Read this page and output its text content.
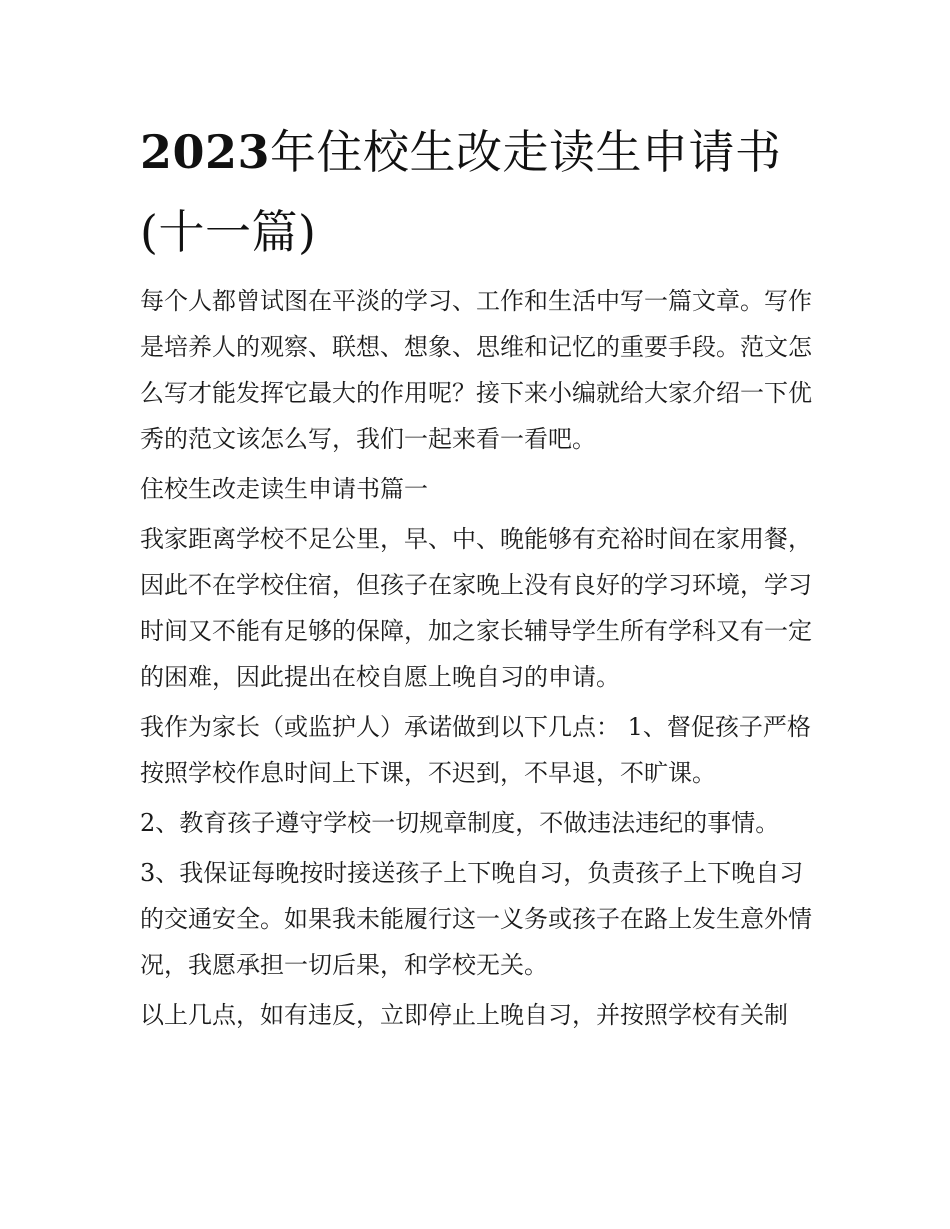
2023年住校生改走读生申请书(十一篇)

每个人都曾试图在平淡的学习、工作和生活中写一篇文章。写作是培养人的观察、联想、想象、思维和记忆的重要手段。范文怎么写才能发挥它最大的作用呢？接下来小编就给大家介绍一下优秀的范文该怎么写，我们一起来看一看吧。

住校生改走读生申请书篇一

我家距离学校不足公里，早、中、晚能够有充裕时间在家用餐，因此不在学校住宿，但孩子在家晚上没有良好的学习环境，学习时间又不能有足够的保障，加之家长辅导学生所有学科又有一定的困难，因此提出在校自愿上晚自习的申请。

我作为家长（或监护人）承诺做到以下几点： 1、督促孩子严格按照学校作息时间上下课，不迟到，不早退，不旷课。

2、教育孩子遵守学校一切规章制度，不做违法违纪的事情。

3、我保证每晚按时接送孩子上下晚自习，负责孩子上下晚自习的交通安全。如果我未能履行这一义务或孩子在路上发生意外情况，我愿承担一切后果，和学校无关。

以上几点，如有违反，立即停止上晚自习，并按照学校有关制
